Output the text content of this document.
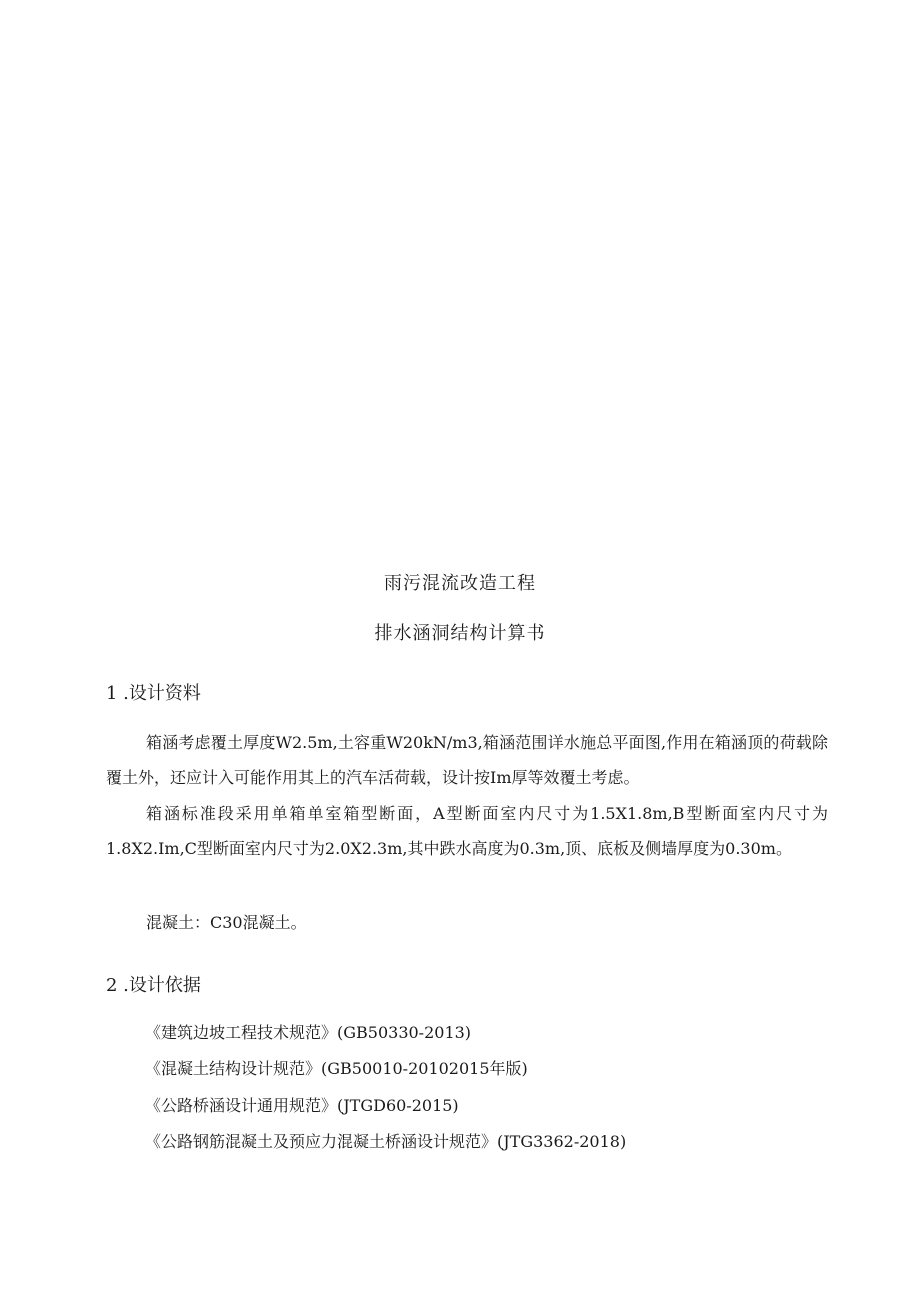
雨污混流改造工程
排水涵洞结构计算书
1 .设计资料

箱涵考虑覆土厚度W2.5m,土容重W20kN/m3,箱涵范围详水施总平面图,作用在箱涵顶的荷载除覆土外，还应计入可能作用其上的汽车活荷载，设计按Im厚等效覆土考虑。

箱涵标准段采用单箱单室箱型断面，A型断面室内尺寸为1.5X1.8m,B型断面室内尺寸为1.8X2.Im,C型断面室内尺寸为2.0X2.3m,其中跌水高度为0.3m,顶、底板及侧墙厚度为0.30m。

混凝土：C30混凝土。

2 .设计依据

《建筑边坡工程技术规范》(GB50330-2013)

《混凝土结构设计规范》(GB50010-20102015年版)

《公路桥涵设计通用规范》(JTGD60-2015)

《公路钢筋混凝土及预应力混凝土桥涵设计规范》(JTG3362-2018)
